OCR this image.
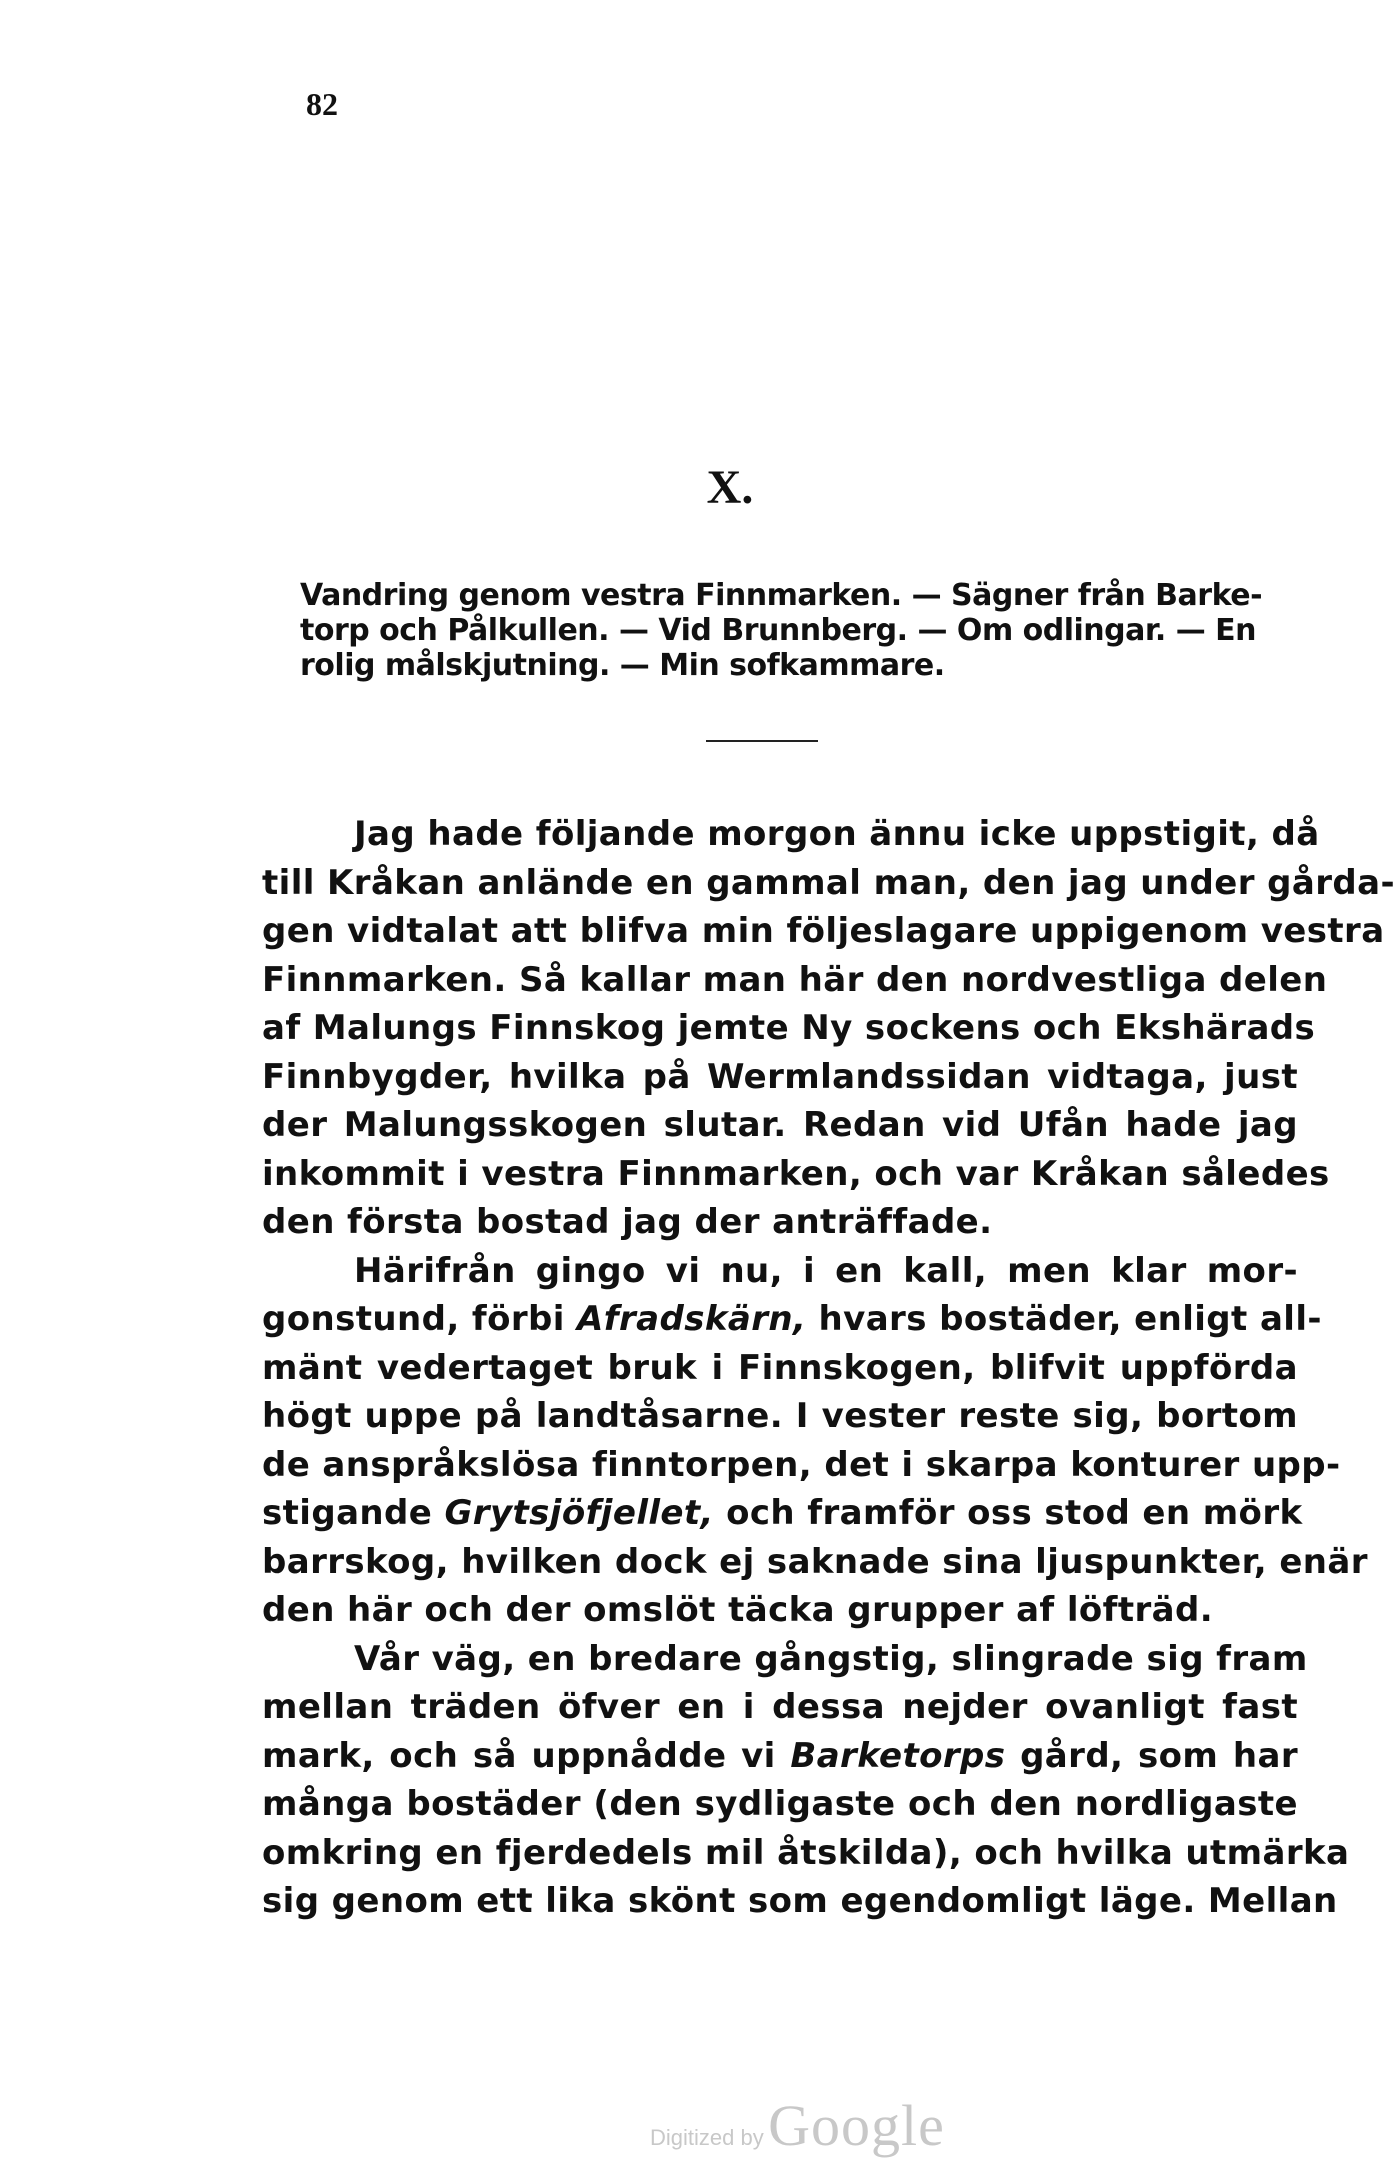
82
X.
Vandring genom vestra Finnmarken. — Sägner från Barke-
torp och Pålkullen. — Vid Brunnberg. — Om odlingar. — En
rolig målskjutning. — Min sofkammare.
Jag hade följande morgon ännu icke uppstigit, då
till Kråkan anlände en gammal man, den jag under gårda-
gen vidtalat att blifva min följeslagare uppigenom vestra
Finnmarken. Så kallar man här den nordvestliga delen
af Malungs Finnskog jemte Ny sockens och Ekshärads
Finnbygder, hvilka på Wermlandssidan vidtaga, just
der Malungsskogen slutar. Redan vid Ufån hade jag
inkommit i vestra Finnmarken, och var Kråkan således
den första bostad jag der anträffade.
Härifrån gingo vi nu, i en kall, men klar mor-
gonstund, förbi Afradskärn, hvars bostäder, enligt all-
mänt vedertaget bruk i Finnskogen, blifvit uppförda
högt uppe på landtåsarne. I vester reste sig, bortom
de anspråkslösa finntorpen, det i skarpa konturer upp-
stigande Grytsjöfjellet, och framför oss stod en mörk
barrskog, hvilken dock ej saknade sina ljuspunkter, enär
den här och der omslöt täcka grupper af löfträd.
Vår väg, en bredare gångstig, slingrade sig fram
mellan träden öfver en i dessa nejder ovanligt fast
mark, och så uppnådde vi Barketorps gård, som har
många bostäder (den sydligaste och den nordligaste
omkring en fjerdedels mil åtskilda), och hvilka utmärka
sig genom ett lika skönt som egendomligt läge. Mellan
Digitized by Google
